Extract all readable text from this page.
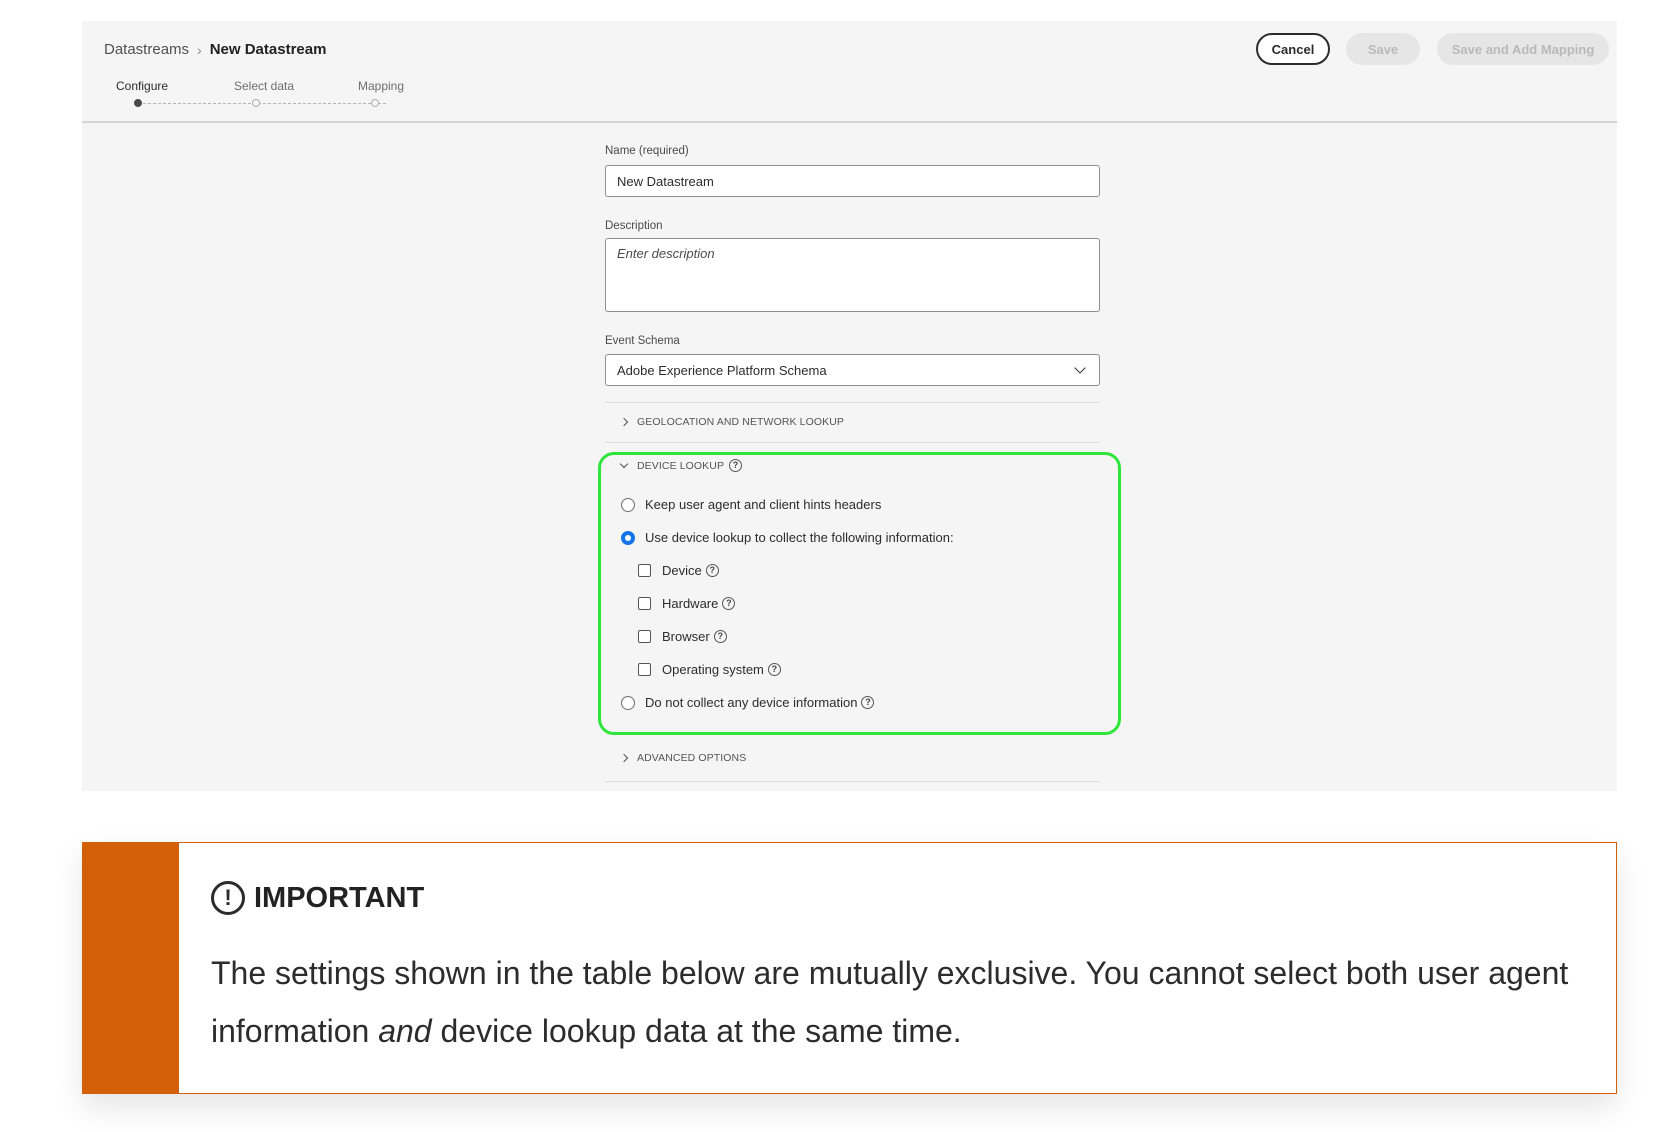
Datastreams › New Datastream
Configure	Select data	Mapping
Cancel	Save	Save and Add Mapping
Name (required)
New Datastream
Description
Enter description
Event Schema
Adobe Experience Platform Schema
GEOLOCATION AND NETWORK LOOKUP
DEVICE LOOKUP ?
Keep user agent and client hints headers
Use device lookup to collect the following information:
Device ?
Hardware ?
Browser ?
Operating system ?
Do not collect any device information ?
ADVANCED OPTIONS
! IMPORTANT

The settings shown in the table below are mutually exclusive. You cannot select both user agent information and device lookup data at the same time.
